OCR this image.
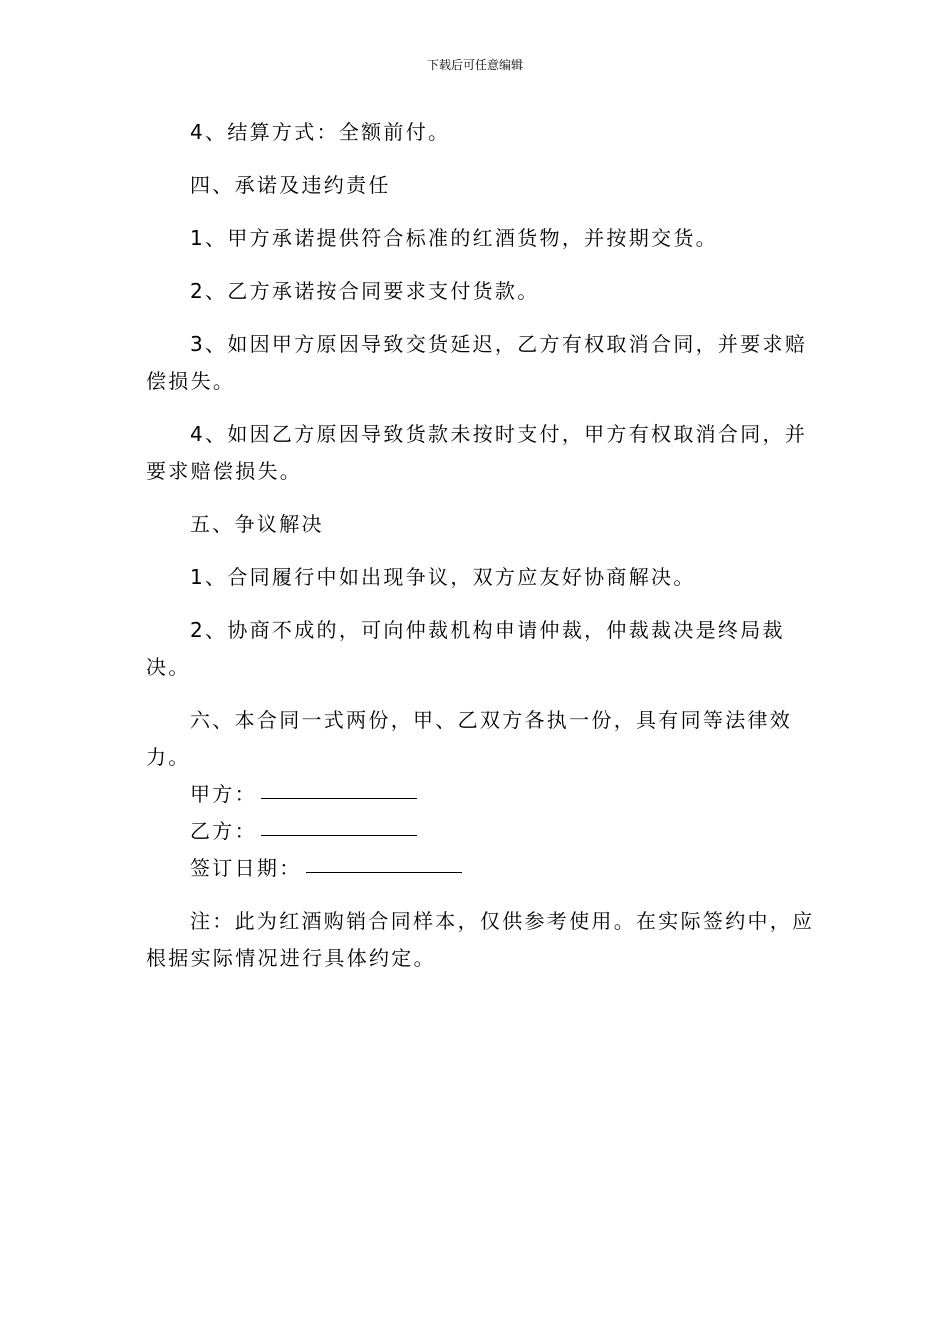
下载后可任意编辑

4、结算方式：全额前付。

四、承诺及违约责任

1、甲方承诺提供符合标准的红酒货物，并按期交货。

2、乙方承诺按合同要求支付货款。

3、如因甲方原因导致交货延迟，乙方有权取消合同，并要求赔偿损失。

4、如因乙方原因导致货款未按时支付，甲方有权取消合同，并要求赔偿损失。

五、争议解决

1、合同履行中如出现争议，双方应友好协商解决。

2、协商不成的，可向仲裁机构申请仲裁，仲裁裁决是终局裁决。

六、本合同一式两份，甲、乙双方各执一份，具有同等法律效力。

甲方：

乙方：

签订日期：

注：此为红酒购销合同样本，仅供参考使用。在实际签约中，应根据实际情况进行具体约定。
